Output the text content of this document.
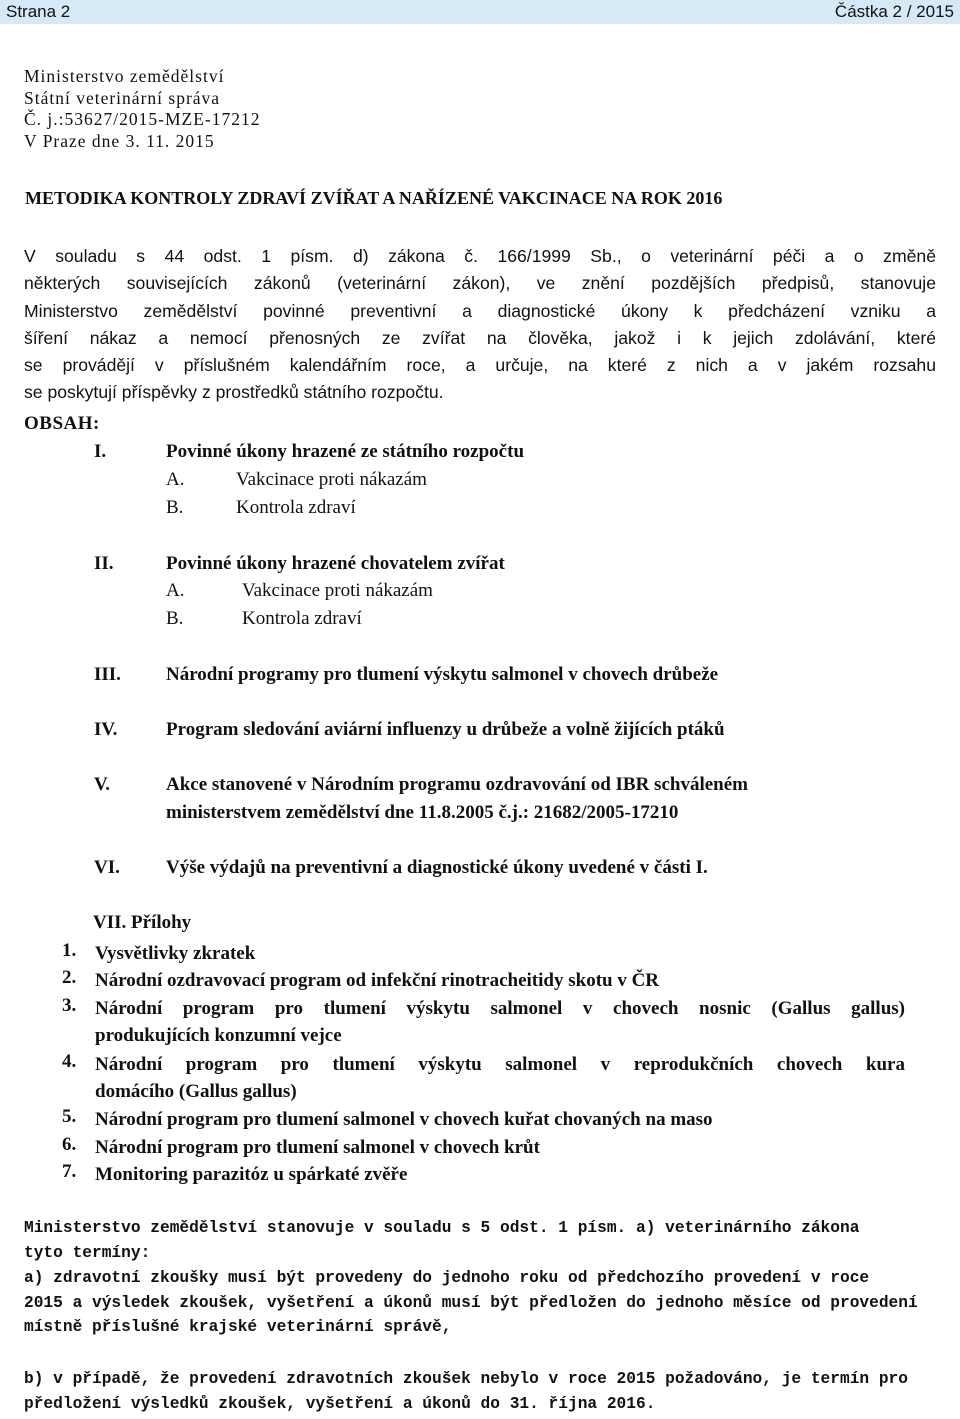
Strana 2	Částka 2 / 2015
Ministerstvo zemědělství
Státní veterinární správa
Č. j.:53627/2015-MZE-17212
V Praze dne 3. 11. 2015
METODIKA KONTROLY ZDRAVÍ ZVÍŘAT A NAŘÍZENÉ VAKCINACE NA ROK 2016
V souladu s 44 odst. 1 písm. d) zákona č. 166/1999 Sb., o veterinární péči a o změně
některých souvisejících zákonů (veterinární zákon), ve znění pozdějších předpisů, stanovuje
Ministerstvo zemědělství povinné preventivní a diagnostické úkony k předcházení vzniku a
šíření nákaz a nemocí přenosných ze zvířat na člověka, jakož i k jejich zdolávání, které
se provádějí v příslušném kalendářním roce, a určuje, na které z nich a v jakém rozsahu
se poskytují příspěvky z prostředků státního rozpočtu.
OBSAH:
I.	Povinné úkony hrazené ze státního rozpočtu
A.	Vakcinace proti nákazám
B.	Kontrola zdraví
II.	Povinné úkony hrazené chovatelem zvířat
A.	Vakcinace proti nákazám
B.	Kontrola zdraví
III. Národní programy pro tlumení výskytu salmonel v chovech drůbeže
IV.	Program sledování aviární influenzy u drůbeže a volně žijících ptáků
V.	Akce stanovené v Národním programu ozdravování od IBR schváleném
ministerstvem zemědělství dne 11.8.2005 č.j.: 21682/2005-17210
VI. Výše výdajů na preventivní a diagnostické úkony uvedené v části I.
VII. Přílohy
1. Vysvětlivky zkratek
2. Národní ozdravovací program od infekční rinotracheitidy skotu v ČR
3. Národní program pro tlumení výskytu salmonel v chovech nosnic (Gallus gallus)
produkujících konzumní vejce
4. Národní program pro tlumení výskytu salmonel v reprodukčních chovech kura
domácího (Gallus gallus)
5. Národní program pro tlumení salmonel v chovech kuřat chovaných na maso
6. Národní program pro tlumení salmonel v chovech krůt
7. Monitoring parazitóz u spárkaté zvěře
Ministerstvo zemědělství stanovuje v souladu s 5 odst. 1 písm. a) veterinárního zákona
tyto termíny:
a) zdravotní zkoušky musí být provedeny do jednoho roku od předchozího provedení v roce
2015 a výsledek zkoušek, vyšetření a úkonů musí být předložen do jednoho měsíce od provedení
místně příslušné krajské veterinární správě,
b) v případě, že provedení zdravotních zkoušek nebylo v roce 2015 požadováno, je termín pro
předložení výsledků zkoušek, vyšetření a úkonů do 31. října 2016.
